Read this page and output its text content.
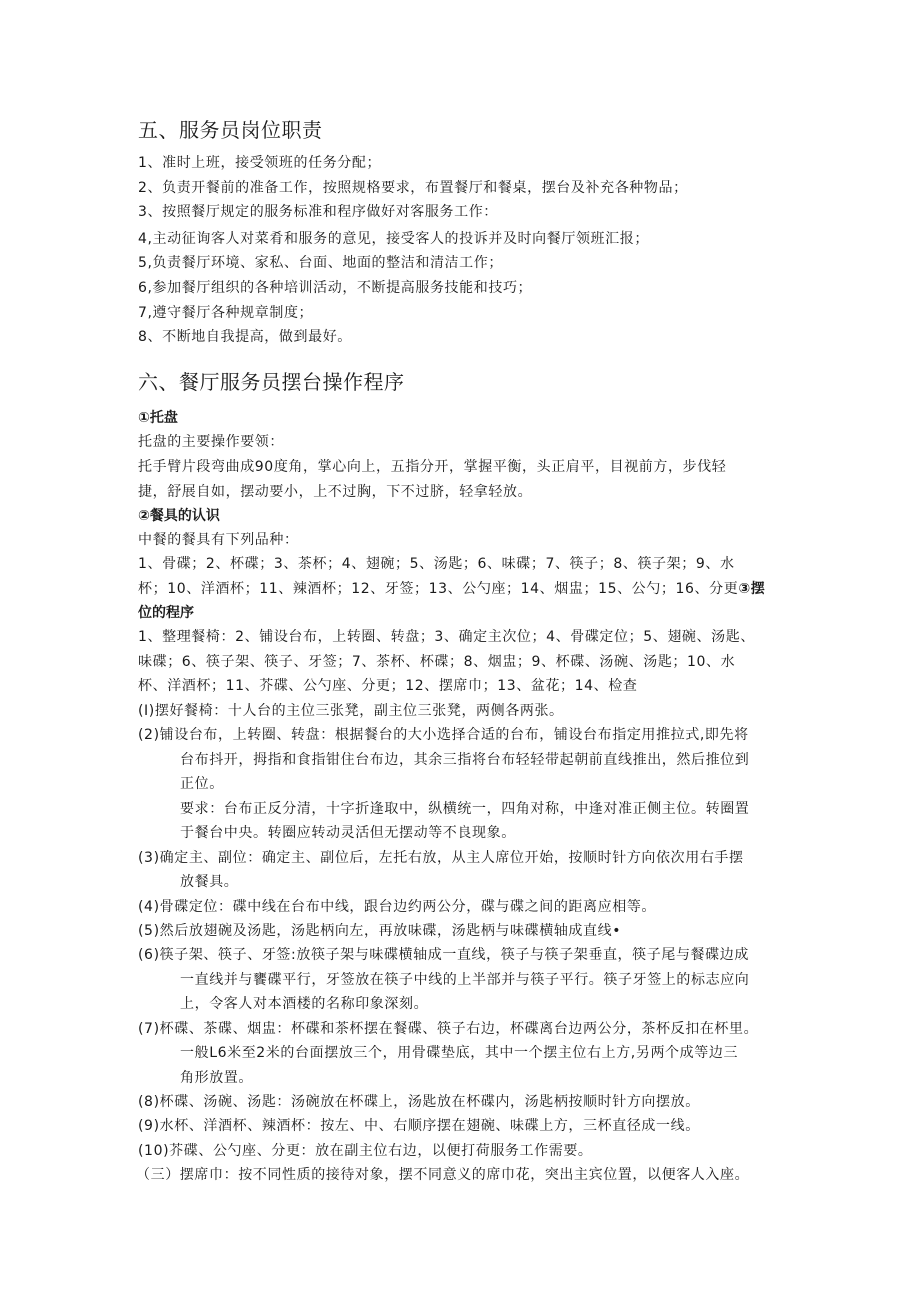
五、服务员岗位职责
1、准时上班，接受领班的任务分配；
2、负责开餐前的准备工作，按照规格要求，布置餐厅和餐桌，摆台及补充各种物品；
3、按照餐厅规定的服务标准和程序做好对客服务工作：
4,主动征询客人对菜肴和服务的意见，接受客人的投诉并及时向餐厅领班汇报；
5,负责餐厅环境、家私、台面、地面的整洁和清洁工作；
6,参加餐厅组织的各种培训活动，不断提高服务技能和技巧；
7,遵守餐厅各种规章制度；
8、不断地自我提高，做到最好。
六、餐厅服务员摆台操作程序
①托盘
托盘的主要操作要领：
托手臂片段弯曲成90度角，掌心向上，五指分开，掌握平衡，头正肩平，目视前方，步伐轻
捷，舒展自如，摆动要小，上不过胸，下不过脐，轻拿轻放。
②餐具的认识
中餐的餐具有下列品种：
1、骨碟；2、杯碟；3、茶杯；4、翅碗；5、汤匙；6、味碟；7、筷子；8、筷子架；9、水
杯；10、洋酒杯；11、辣酒杯；12、牙签；13、公勺座；14、烟盅；15、公勺；16、分更③摆
位的程序
1、整理餐椅：2、铺设台布，上转圈、转盘；3、确定主次位；4、骨碟定位；5、翅碗、汤匙、
味碟；6、筷子架、筷子、牙签；7、茶杯、杯碟；8、烟盅；9、杯碟、汤碗、汤匙；10、水
杯、洋酒杯；11、芥碟、公勺座、分更；12、摆席巾；13、盆花；14、检查
(I)摆好餐椅：十人台的主位三张凳，副主位三张凳，两侧各两张。
(2)铺设台布，上转圈、转盘：根据餐台的大小选择合适的台布，铺设台布指定用推拉式,即先将
台布抖开，拇指和食指钳住台布边，其余三指将台布轻轻带起朝前直线推出，然后推位到
正位。
要求：台布正反分清，十字折逢取中，纵横统一，四角对称，中逢对准正侧主位。转圈置
于餐台中央。转圈应转动灵活但无摆动等不良现象。
(3)确定主、副位：确定主、副位后，左托右放，从主人席位开始，按顺时针方向依次用右手摆
放餐具。
(4)骨碟定位：碟中线在台布中线，跟台边约两公分，碟与碟之间的距离应相等。
(5)然后放翅碗及汤匙，汤匙柄向左，再放味碟，汤匙柄与味碟横轴成直线•
(6)筷子架、筷子、牙签:放筷子架与味碟横轴成一直线，筷子与筷子架垂直，筷子尾与餐碟边成
一直线并与饔碟平行，牙签放在筷子中线的上半部并与筷子平行。筷子牙签上的标志应向
上，令客人对本酒楼的名称印象深刻。
(7)杯碟、茶碟、烟盅：杯碟和茶杯摆在餐碟、筷子右边，杯碟离台边两公分，茶杯反扣在杯里。
一般L6米至2米的台面摆放三个，用骨碟垫底，其中一个摆主位右上方,另两个成等边三
角形放置。
(8)杯碟、汤碗、汤匙：汤碗放在杯碟上，汤匙放在杯碟内，汤匙柄按顺时针方向摆放。
(9)水杯、洋酒杯、辣酒杯：按左、中、右顺序摆在翅碗、味碟上方，三杯直径成一线。
(10)芥碟、公勺座、分更：放在副主位右边，以便打荷服务工作需要。
（三）摆席巾：按不同性质的接待对象，摆不同意义的席巾花，突出主宾位置，以便客人入座。
